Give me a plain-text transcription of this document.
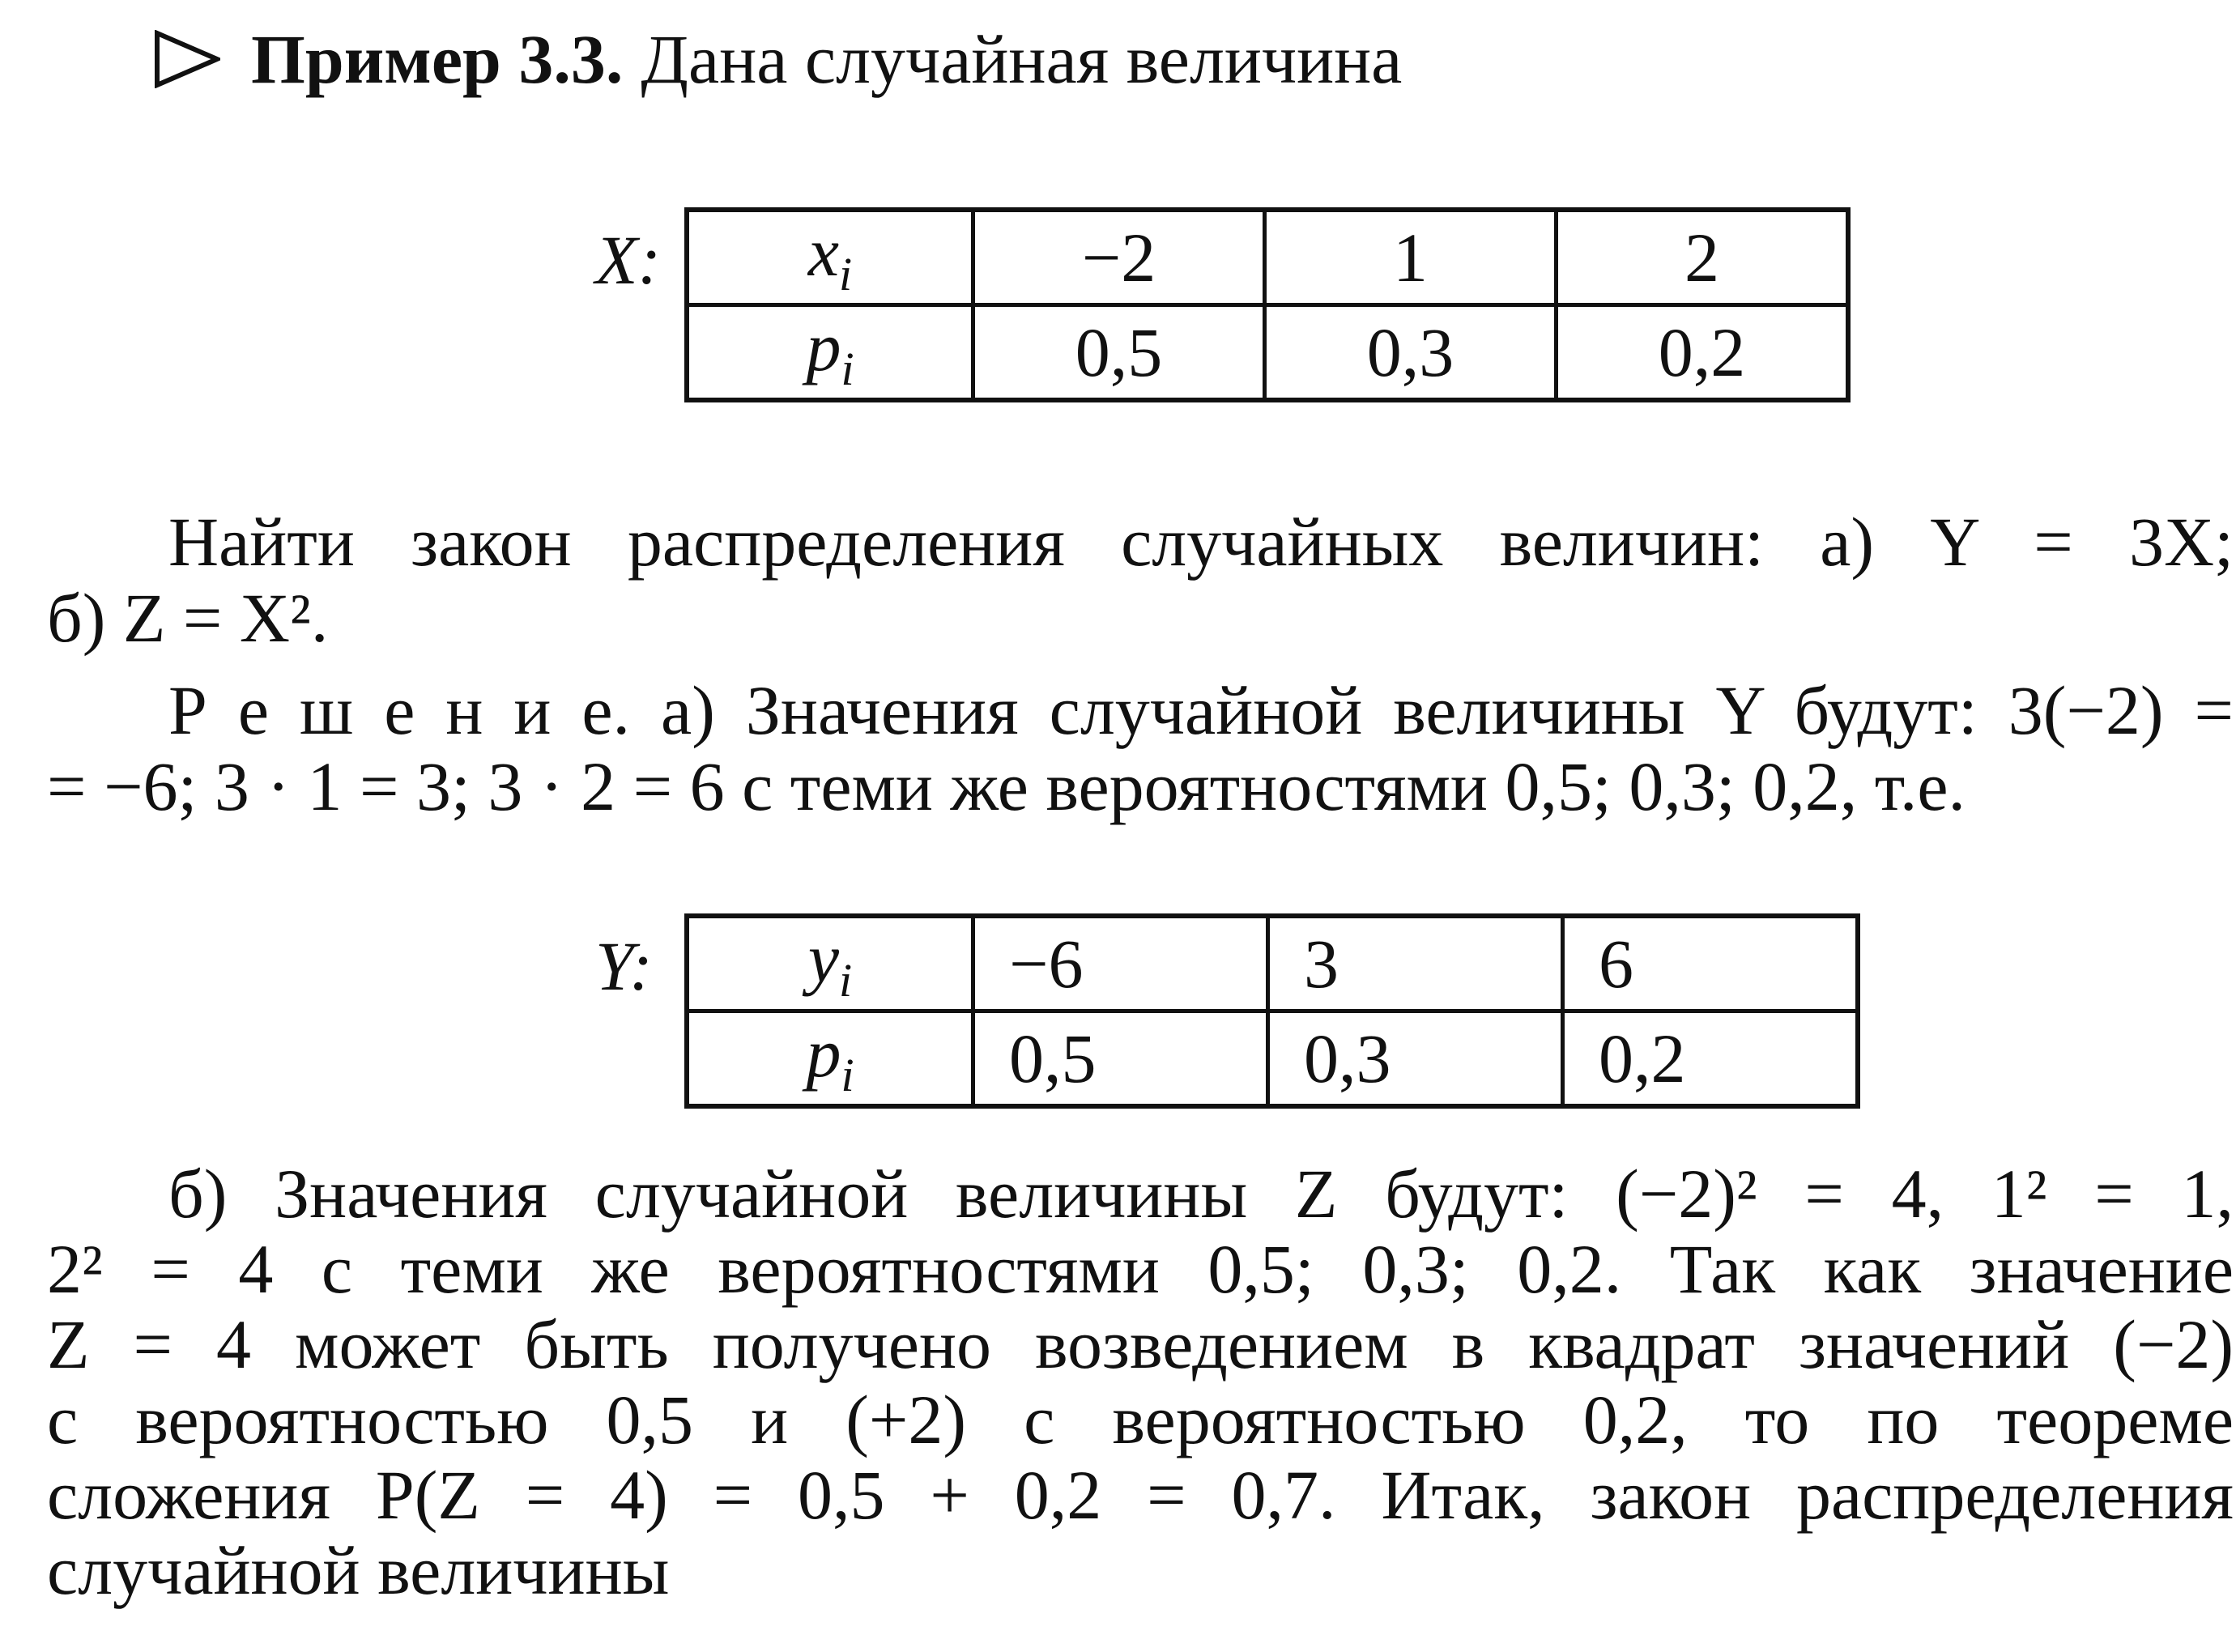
Пример 3.3. Дана случайная величина
X:	$x_i$	−2	1	2
$p_i$	0,5	0,3	0,2
Найти закон распределения случайных величин: а) Y = 3X;
б) Z = X².
Р е ш е н и е. а) Значения случайной величины Y будут: 3(−2) =
= −6; 3 · 1 = 3; 3 · 2 = 6 с теми же вероятностями 0,5; 0,3; 0,2, т.е.
Y:	$y_i$	−6	3	6
$p_i$	0,5	0,3	0,2
б) Значения случайной величины Z будут: (−2)² = 4, 1² = 1,
2² = 4 с теми же вероятностями 0,5; 0,3; 0,2. Так как значение
Z = 4 может быть получено возведением в квадрат значений (−2)
с вероятностью 0,5 и (+2) с вероятностью 0,2, то по теореме
сложения P(Z = 4) = 0,5 + 0,2 = 0,7. Итак, закон распределения
случайной величины
